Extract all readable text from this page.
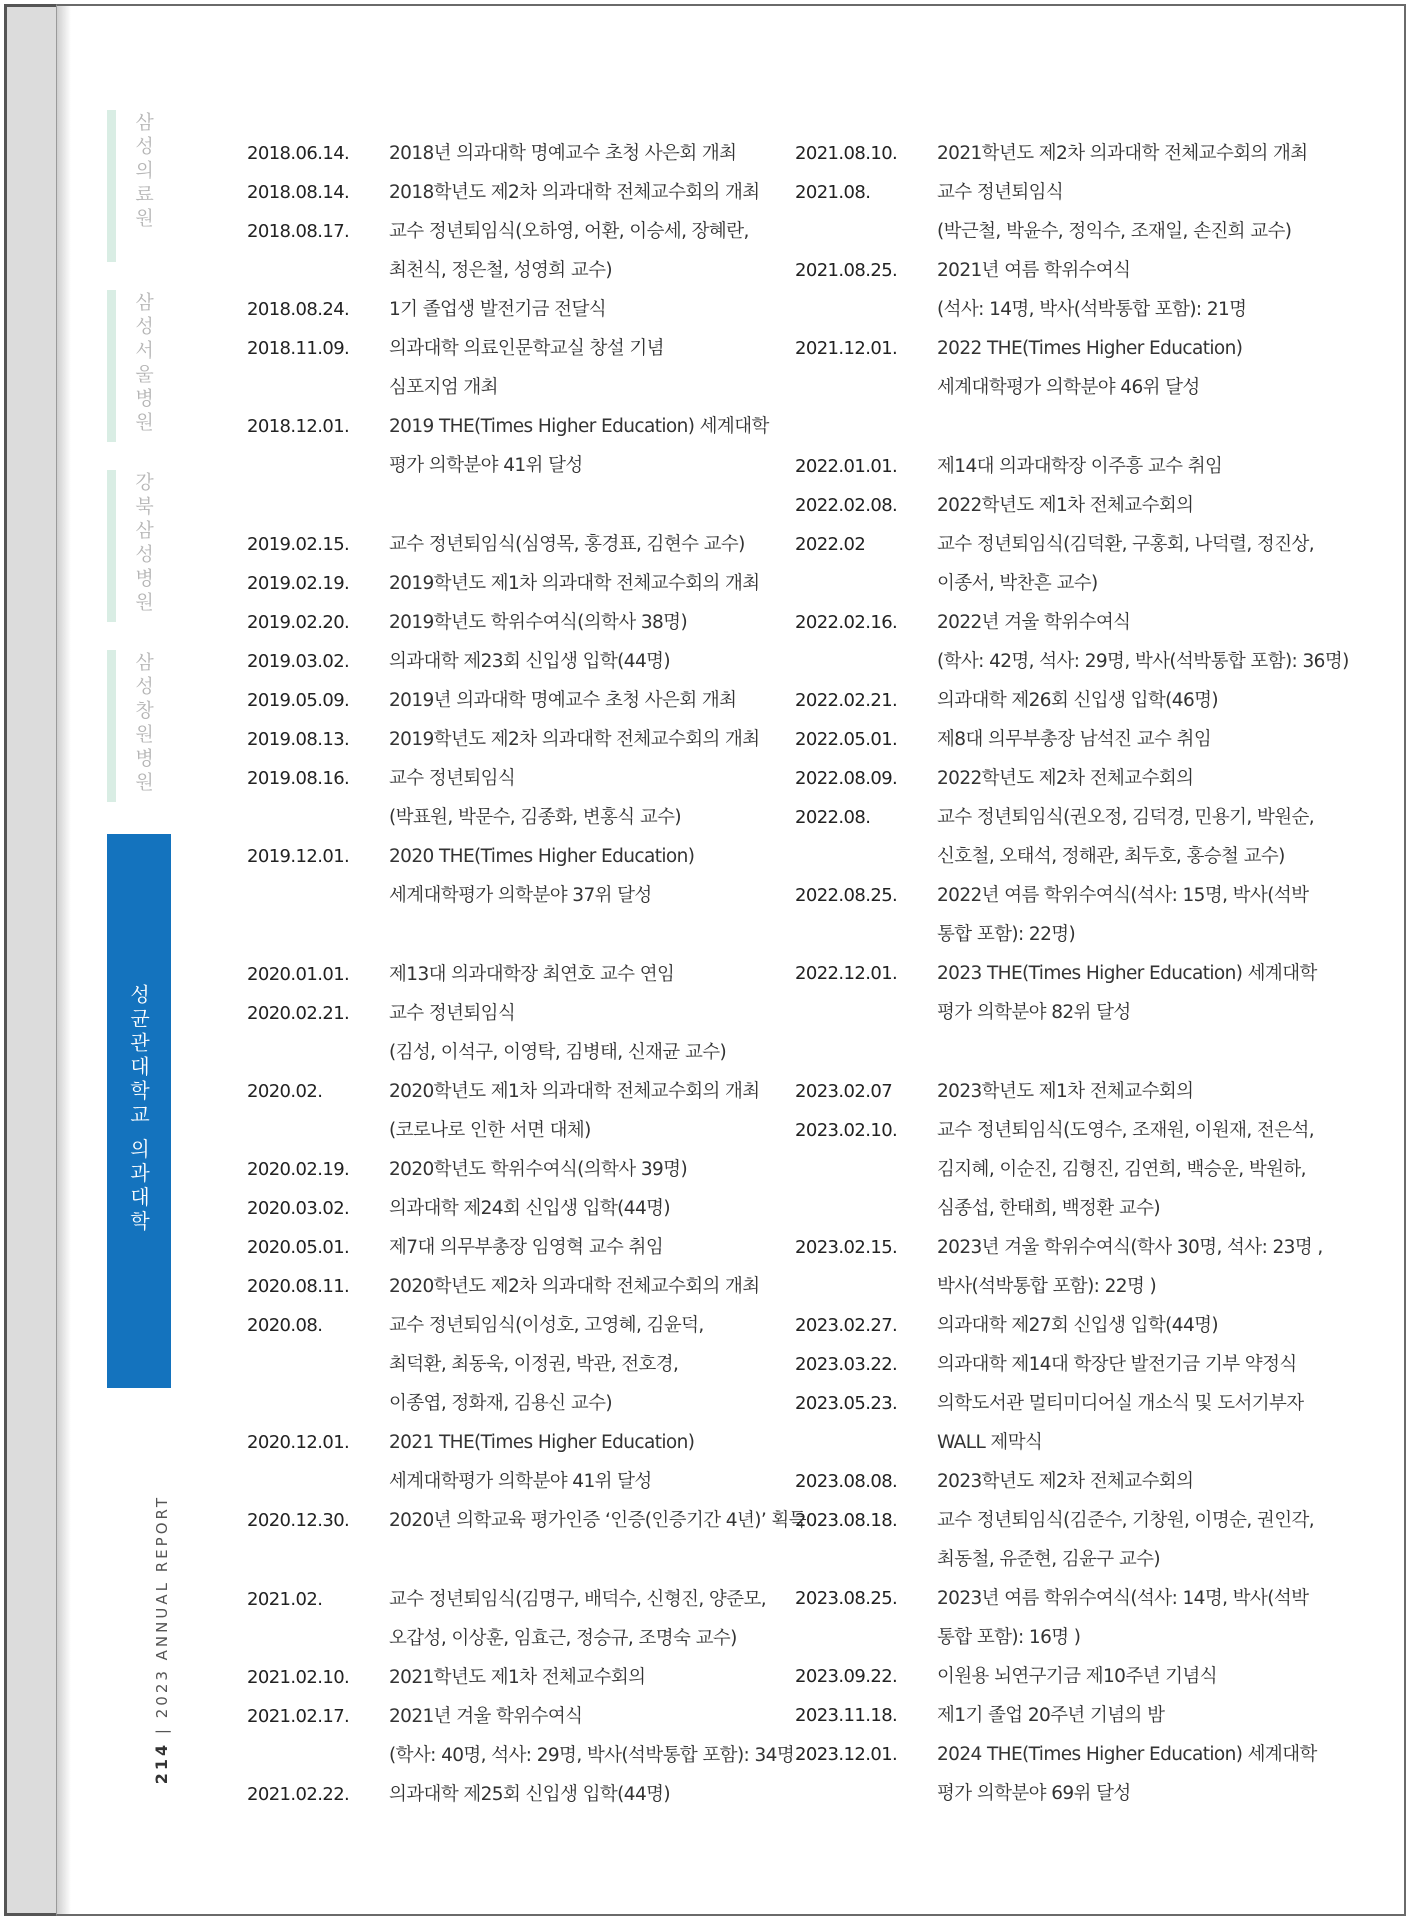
삼성의료원
삼성서울병원
강북삼성병원
삼성창원병원
성균관대학교 의과대학
214 | 2023 ANNUAL REPORT
2018.06.14.	2018년 의과대학 명예교수 초청 사은회 개최
2018.08.14.	2018학년도 제2차 의과대학 전체교수회의 개최
2018.08.17.	교수 정년퇴임식(오하영, 어환, 이승세, 장혜란,
최천식, 정은철, 성영희 교수)
2018.08.24.	1기 졸업생 발전기금 전달식
2018.11.09.	의과대학 의료인문학교실 창설 기념
심포지엄 개최
2018.12.01.	2019 THE(Times Higher Education) 세계대학
평가 의학분야 41위 달성
2019.02.15.	교수 정년퇴임식(심영목, 홍경표, 김현수 교수)
2019.02.19.	2019학년도 제1차 의과대학 전체교수회의 개최
2019.02.20.	2019학년도 학위수여식(의학사 38명)
2019.03.02.	의과대학 제23회 신입생 입학(44명)
2019.05.09.	2019년 의과대학 명예교수 초청 사은회 개최
2019.08.13.	2019학년도 제2차 의과대학 전체교수회의 개최
2019.08.16.	교수 정년퇴임식
(박표원, 박문수, 김종화, 변홍식 교수)
2019.12.01.	2020 THE(Times Higher Education)
세계대학평가 의학분야 37위 달성
2020.01.01.	제13대 의과대학장 최연호 교수 연임
2020.02.21.	교수 정년퇴임식
(김성, 이석구, 이영탁, 김병태, 신재균 교수)
2020.02.	2020학년도 제1차 의과대학 전체교수회의 개최
(코로나로 인한 서면 대체)
2020.02.19.	2020학년도 학위수여식(의학사 39명)
2020.03.02.	의과대학 제24회 신입생 입학(44명)
2020.05.01.	제7대 의무부총장 임영혁 교수 취임
2020.08.11.	2020학년도 제2차 의과대학 전체교수회의 개최
2020.08.	교수 정년퇴임식(이성호, 고영혜, 김윤덕,
최덕환, 최동욱, 이정권, 박관, 전호경,
이종엽, 정화재, 김용신 교수)
2020.12.01.	2021 THE(Times Higher Education)
세계대학평가 의학분야 41위 달성
2020.12.30.	2020년 의학교육 평가인증 ‘인증(인증기간 4년)’ 획득
2021.02.	교수 정년퇴임식(김명구, 배덕수, 신형진, 양준모,
오갑성, 이상훈, 임효근, 정승규, 조명숙 교수)
2021.02.10.	2021학년도 제1차 전체교수회의
2021.02.17.	2021년 겨울 학위수여식
(학사: 40명, 석사: 29명, 박사(석박통합 포함): 34명
2021.02.22.	의과대학 제25회 신입생 입학(44명)
2021.08.10.	2021학년도 제2차 의과대학 전체교수회의 개최
2021.08.	교수 정년퇴임식
(박근철, 박윤수, 정익수, 조재일, 손진희 교수)
2021.08.25.	2021년 여름 학위수여식
(석사: 14명, 박사(석박통합 포함): 21명
2021.12.01.	2022 THE(Times Higher Education)
세계대학평가 의학분야 46위 달성
2022.01.01.	제14대 의과대학장 이주흥 교수 취임
2022.02.08.	2022학년도 제1차 전체교수회의
2022.02	교수 정년퇴임식(김덕환, 구홍회, 나덕렬, 정진상,
이종서, 박찬흔 교수)
2022.02.16.	2022년 겨울 학위수여식
(학사: 42명, 석사: 29명, 박사(석박통합 포함): 36명)
2022.02.21.	의과대학 제26회 신입생 입학(46명)
2022.05.01.	제8대 의무부총장 남석진 교수 취임
2022.08.09.	2022학년도 제2차 전체교수회의
2022.08.	교수 정년퇴임식(권오정, 김덕경, 민용기, 박원순,
신호철, 오태석, 정해관, 최두호, 홍승철 교수)
2022.08.25.	2022년 여름 학위수여식(석사: 15명, 박사(석박
통합 포함): 22명)
2022.12.01.	2023 THE(Times Higher Education) 세계대학
평가 의학분야 82위 달성
2023.02.07	2023학년도 제1차 전체교수회의
2023.02.10.	교수 정년퇴임식(도영수, 조재원, 이원재, 전은석,
김지혜, 이순진, 김형진, 김연희, 백승운, 박원하,
심종섭, 한태희, 백정환 교수)
2023.02.15.	2023년 겨울 학위수여식(학사 30명, 석사: 23명 ,
박사(석박통합 포함): 22명 )
2023.02.27.	의과대학 제27회 신입생 입학(44명)
2023.03.22.	의과대학 제14대 학장단 발전기금 기부 약정식
2023.05.23.	의학도서관 멀티미디어실 개소식 및 도서기부자
WALL 제막식
2023.08.08.	2023학년도 제2차 전체교수회의
2023.08.18.	교수 정년퇴임식(김준수, 기창원, 이명순, 권인각,
최동철, 유준현, 김윤구 교수)
2023.08.25.	2023년 여름 학위수여식(석사: 14명, 박사(석박
통합 포함): 16명 )
2023.09.22.	이원용 뇌연구기금 제10주년 기념식
2023.11.18.	제1기 졸업 20주년 기념의 밤
2023.12.01.	2024 THE(Times Higher Education) 세계대학
평가 의학분야 69위 달성
